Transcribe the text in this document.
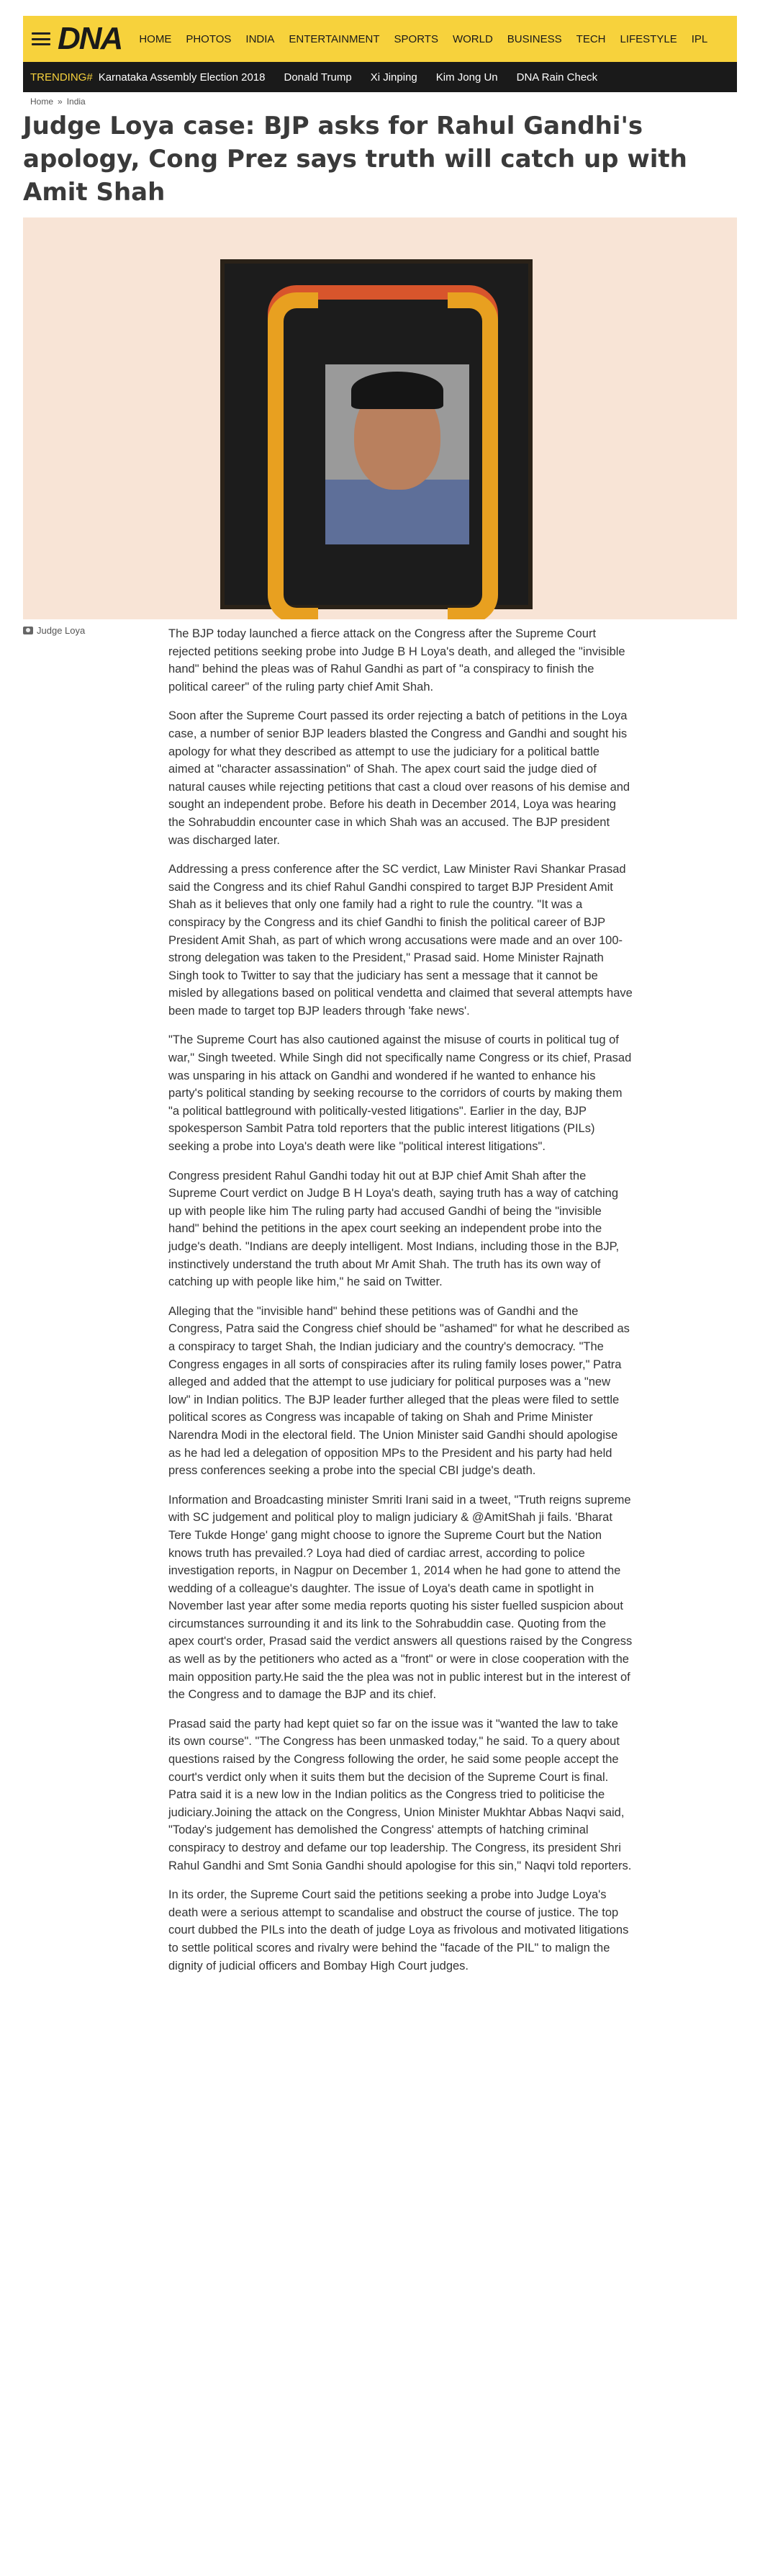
DNA	HOME	PHOTOS	INDIA	ENTERTAINMENT	SPORTS	WORLD	BUSINESS	TECH	LIFESTYLE	IPL
TRENDING# Karnataka Assembly Election 2018 Donald Trump Xi Jinping Kim Jong Un DNA Rain Check
Home » India
Judge Loya case: BJP asks for Rahul Gandhi's apology, Cong Prez says truth will catch up with Amit Shah
Judge Loya	The BJP today launched a fierce attack on the Congress after the Supreme Court rejected petitions seeking probe into Judge B H Loya's death, and alleged the "invisible hand" behind the pleas was of Rahul Gandhi as part of "a conspiracy to finish the political career" of the ruling party chief Amit Shah.

Soon after the Supreme Court passed its order rejecting a batch of petitions in the Loya case, a number of senior BJP leaders blasted the Congress and Gandhi and sought his apology for what they described as attempt to use the judiciary for a political battle aimed at "character assassination" of Shah. The apex court said the judge died of natural causes while rejecting petitions that cast a cloud over reasons of his demise and sought an independent probe. Before his death in December 2014, Loya was hearing the Sohrabuddin encounter case in which Shah was an accused. The BJP president was discharged later.

Addressing a press conference after the SC verdict, Law Minister Ravi Shankar Prasad said the Congress and its chief Rahul Gandhi conspired to target BJP President Amit Shah as it believes that only one family had a right to rule the country. "It was a conspiracy by the Congress and its chief Gandhi to finish the political career of BJP President Amit Shah, as part of which wrong accusations were made and an over 100-strong delegation was taken to the President," Prasad said. Home Minister Rajnath Singh took to Twitter to say that the judiciary has sent a message that it cannot be misled by allegations based on political vendetta and claimed that several attempts have been made to target top BJP leaders through 'fake news'.

"The Supreme Court has also cautioned against the misuse of courts in political tug of war," Singh tweeted. While Singh did not specifically name Congress or its chief, Prasad was unsparing in his attack on Gandhi and wondered if he wanted to enhance his party's political standing by seeking recourse to the corridors of courts by making them "a political battleground with politically-vested litigations". Earlier in the day, BJP spokesperson Sambit Patra told reporters that the public interest litigations (PILs) seeking a probe into Loya's death were like "political interest litigations".

Congress president Rahul Gandhi today hit out at BJP chief Amit Shah after the Supreme Court verdict on Judge B H Loya's death, saying truth has a way of catching up with people like him The ruling party had accused Gandhi of being the "invisible hand" behind the petitions in the apex court seeking an independent probe into the judge's death. "Indians are deeply intelligent. Most Indians, including those in the BJP, instinctively understand the truth about Mr Amit Shah. The truth has its own way of catching up with people like him," he said on Twitter.

Alleging that the "invisible hand" behind these petitions was of Gandhi and the Congress, Patra said the Congress chief should be "ashamed" for what he described as a conspiracy to target Shah, the Indian judiciary and the country's democracy. "The Congress engages in all sorts of conspiracies after its ruling family loses power," Patra alleged and added that the attempt to use judiciary for political purposes was a "new low" in Indian politics. The BJP leader further alleged that the pleas were filed to settle political scores as Congress was incapable of taking on Shah and Prime Minister Narendra Modi in the electoral field. The Union Minister said Gandhi should apologise as he had led a delegation of opposition MPs to the President and his party had held press conferences seeking a probe into the special CBI judge's death.

Information and Broadcasting minister Smriti Irani said in a tweet, "Truth reigns supreme with SC judgement and political ploy to malign judiciary & @AmitShah ji fails. 'Bharat Tere Tukde Honge' gang might choose to ignore the Supreme Court but the Nation knows truth has prevailed.? Loya had died of cardiac arrest, according to police investigation reports, in Nagpur on December 1, 2014 when he had gone to attend the wedding of a colleague's daughter. The issue of Loya's death came in spotlight in November last year after some media reports quoting his sister fuelled suspicion about circumstances surrounding it and its link to the Sohrabuddin case. Quoting from the apex court's order, Prasad said the verdict answers all questions raised by the Congress as well as by the petitioners who acted as a "front" or were in close cooperation with the main opposition party.He said the the plea was not in public interest but in the interest of the Congress and to damage the BJP and its chief.

Prasad said the party had kept quiet so far on the issue was it "wanted the law to take its own course". "The Congress has been unmasked today," he said. To a query about questions raised by the Congress following the order, he said some people accept the court's verdict only when it suits them but the decision of the Supreme Court is final. Patra said it is a new low in the Indian politics as the Congress tried to politicise the judiciary.Joining the attack on the Congress, Union Minister Mukhtar Abbas Naqvi said, "Today's judgement has demolished the Congress' attempts of hatching criminal conspiracy to destroy and defame our top leadership. The Congress, its president Shri Rahul Gandhi and Smt Sonia Gandhi should apologise for this sin," Naqvi told reporters.

In its order, the Supreme Court said the petitions seeking a probe into Judge Loya's death were a serious attempt to scandalise and obstruct the course of justice. The top court dubbed the PILs into the death of judge Loya as frivolous and motivated litigations to settle political scores and rivalry were behind the "facade of the PIL" to malign the dignity of judicial officers and Bombay High Court judges.
